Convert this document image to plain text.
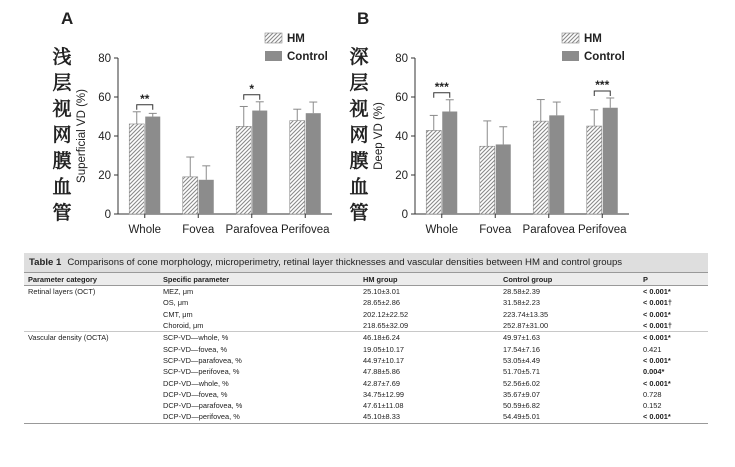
A	B
浅
层
视
网
膜
血
管
深
层
视
网
膜
血
管
0
20
40
60
80
Superficial VD (%)
Whole Fovea Parafovea Perifovea
**
*
HM
Control
0
20
40
60
80
Deep VD (%)
Whole Fovea Parafovea Perifovea
***	***
HM
Control
Table 1 Comparisons of cone morphology, microperimetry, retinal layer thicknesses and vascular densities between HM and control groups
Parameter category	Specific parameter	HM group	Control group	P
Retinal layers (OCT)	MEZ, μm	25.10±3.01	28.58±2.39	< 0.001*
	OS, μm	28.65±2.86	31.58±2.23	< 0.001†
	CMT, μm	202.12±22.52	223.74±13.35	< 0.001*
	Choroid, μm	218.65±32.09	252.87±31.00	< 0.001†
Vascular density (OCTA)	SCP-VD—whole, %	46.18±6.24	49.97±1.63	< 0.001*
	SCP-VD—fovea, %	19.05±10.17	17.54±7.16	0.421
	SCP-VD—parafovea, %	44.97±10.17	53.05±4.49	< 0.001*
	SCP-VD—perifovea, %	47.88±5.86	51.70±5.71	0.004*
	DCP-VD—whole, %	42.87±7.69	52.56±6.02	< 0.001*
	DCP-VD—fovea, %	34.75±12.99	35.67±9.07	0.728
	DCP-VD—parafovea, %	47.61±11.08	50.59±6.82	0.152
	DCP-VD—perifovea, %	45.10±8.33	54.49±5.01	< 0.001*
